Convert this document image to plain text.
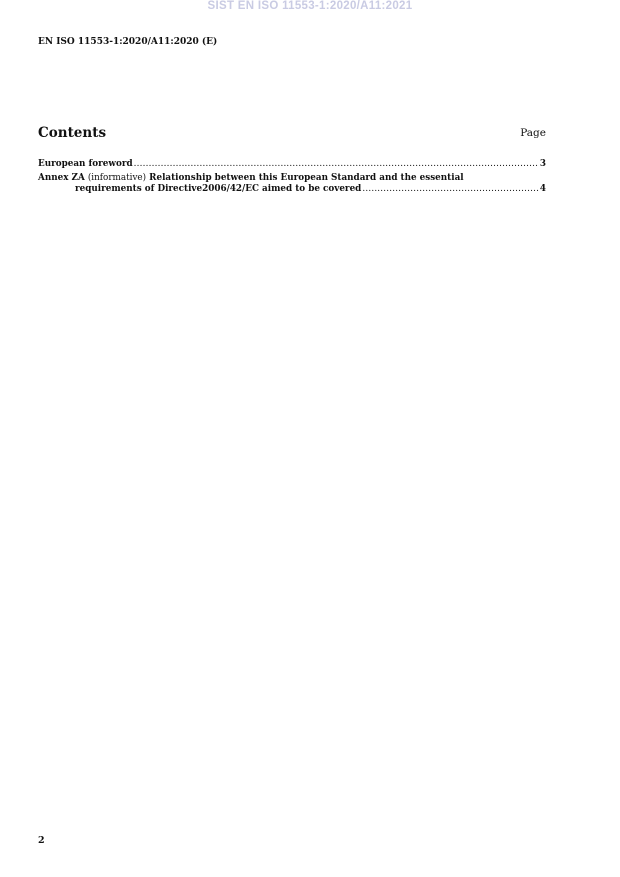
SIST EN ISO 11553-1:2020/A11:2021
EN ISO 11553-1:2020/A11:2020 (E)
Contents	Page
European foreword .....	3
Annex ZA (informative) Relationship between this European Standard and the essential
requirements of Directive2006/42/EC aimed to be covered .....	4
2
